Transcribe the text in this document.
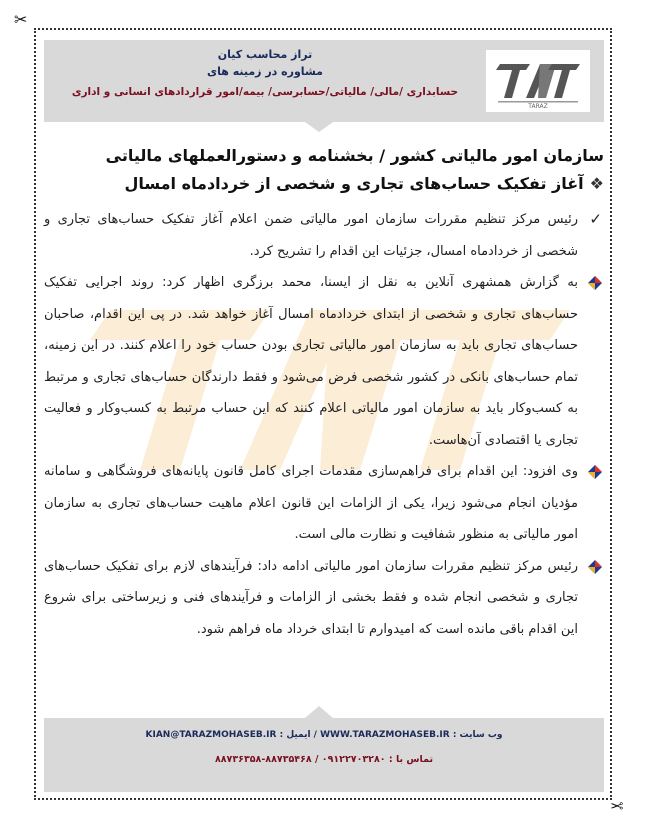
✂
✂
TARAZ
تراز محاسب کیان
مشاوره در زمینه های
حسابداری /مالی/ مالیاتی/حسابرسی/ بیمه/امور قراردادهای انسانی و اداری
سازمان امور مالیاتی کشور / بخشنامه و دستورالعملهای مالیاتی
❖آغاز تفکیک حساب‌های تجاری و شخصی از خردادماه امسال

✓
رئیس مرکز تنظیم مقررات سازمان امور مالیاتی ضمن اعلام آغاز تفکیک حساب‌های تجاری و شخصی از خردادماه امسال، جزئیات این اقدام را تشریح کرد.

به گزارش همشهری آنلاین به نقل از ایسنا، محمد برزگری اظهار کرد: روند اجرایی تفکیک حساب‌های تجاری و شخصی از ابتدای خردادماه امسال آغاز خواهد شد. در پی این اقدام، صاحبان حساب‌های تجاری باید به سازمان امور مالیاتی تجاری بودن حساب خود را اعلام کنند. در این زمینه، تمام حساب‌های بانکی در کشور شخصی فرض می‌شود و فقط دارندگان حساب‌های تجاری و مرتبط به کسب‌وکار باید به سازمان امور مالیاتی اعلام کنند که این حساب مرتبط به کسب‌وکار و فعالیت تجاری یا اقتصادی آن‌هاست.

وی افزود: این اقدام برای فراهم‌سازی مقدمات اجرای کامل قانون پایانه‌های فروشگاهی و سامانه مؤدیان انجام می‌شود زیرا، یکی از الزامات این قانون اعلام ماهیت حساب‌های تجاری به سازمان امور مالیاتی به منظور شفافیت و نظارت مالی است.

رئیس مرکز تنظیم مقررات سازمان امور مالیاتی ادامه داد: فرآیندهای لازم برای تفکیک حساب‌های تجاری و شخصی انجام شده و فقط بخشی از الزامات و فرآیندهای فنی و زیرساختی برای شروع این اقدام باقی مانده است که امیدوارم تا ابتدای خرداد ماه فراهم شود.

وب سایت : WWW.TARAZMOHASEB.IR / ایمیل : KIAN@TARAZMOHASEB.IR
تماس با : ۰۹۱۲۲۷۰۳۲۸۰ / ۸۸۷۳۵۴۶۸-۸۸۷۳۶۳۵۸
